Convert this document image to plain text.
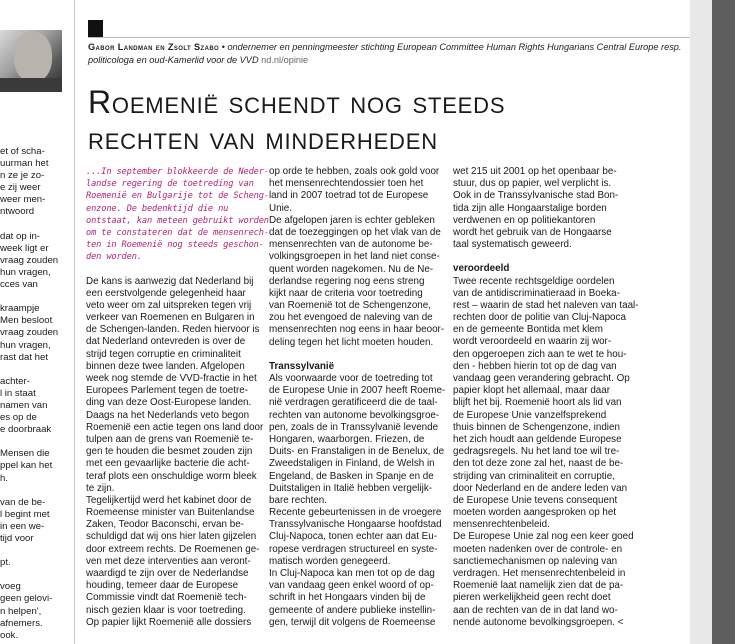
et of scha-
uurman het
n ze je zo-
e zij weer
weer men-
ntwoord

dat op in-
week ligt er
vraag zouden
hun vragen,
cces van

kraampje
Men besloot
vraag zouden
hun vragen,
rast dat het

achter-
l in staat
namen van
es op de
e doorbraak

Mensen die
ppel kan het
h.

van de be-
l begint met
in een we-
tijd voor

pt.

voeg
geen gelovi-
n helpen',
afnemers.
ook.
Gabor Landman en Zsolt Szabo • ondernemer en penningmeester stichting European Committee Human Rights Hungarians Central Europe resp. politicologa en oud-Kamerlid voor de VVD nd.nl/opinie
Roemenië schendt nog steeds
rechten van minderheden
...In september blokkeerde de Neder-
landse regering de toetreding van
Roemenië en Bulgarije tot de Scheng-
enzone. De bedenktijd die nu
ontstaat, kan meteen gebruikt worden
om te constateren dat de mensenrech-
ten in Roemenië nog steeds geschon-
den worden.
De kans is aanwezig dat Nederland bij
een eerstvolgende gelegenheid haar
veto weer om zal uitspreken tegen vrij
verkeer van Roemenen en Bulgaren in
de Schengen-landen. Reden hiervoor is
dat Nederland ontevreden is over de
strijd tegen corruptie en criminaliteit
binnen deze twee landen. Afgelopen
week nog stemde de VVD-fractie in het
Europees Parlement tegen de toetre-
ding van deze Oost-Europese landen.
Daags na het Nederlands veto begon
Roemenië een actie tegen ons land door
tulpen aan de grens van Roemenië te-
gen te houden die besmet zouden zijn
met een gevaarlijke bacterie die acht-
teraf plots een onschuldige worm bleek
te zijn.
Tegelijkertijd werd het kabinet door de
Roemeense minister van Buitenlandse
Zaken, Teodor Baconschi, ervan be-
schuldigd dat wij ons hier laten gijzelen
door extreem rechts. De Roemenen ge-
ven met deze interventies aan veront-
waardigd te zijn over de Nederlandse
houding, temeer daar de Europese
Commissie vindt dat Roemenië tech-
nisch gezien klaar is voor toetreding.
Op papier lijkt Roemenië alle dossiers
op orde te hebben, zoals ook gold voor
het mensenrechtendossier toen het
land in 2007 toetrad tot de Europese
Unie.
De afgelopen jaren is echter gebleken
dat de toezeggingen op het vlak van de
mensenrechten van de autonome be-
volkingsgroepen in het land niet conse-
quent worden nagekomen. Nu de Ne-
derlandse regering nog eens streng
kijkt naar de criteria voor toetreding
van Roemenië tot de Schengenzone,
zou het evengoed de naleving van de
mensenrechten nog eens in haar beoor-
deling tegen het licht moeten houden.
Transsylvanië
Als voorwaarde voor de toetreding tot
de Europese Unie in 2007 heeft Roeme-
nië verdragen geratificeerd die de taal-
rechten van autonome bevolkingsgroe-
pen, zoals de in Transsylvanië levende
Hongaren, waarborgen. Friezen, de
Duits- en Franstaligen in de Benelux, de
Zweedstaligen in Finland, de Welsh in
Engeland, de Basken in Spanje en de
Duitstaligen in Italië hebben vergelijk-
bare rechten.
Recente gebeurtenissen in de vroegere
Transsylvanische Hongaarse hoofdstad
Cluj-Napoca, tonen echter aan dat Eu-
ropese verdragen structureel en syste-
matisch worden genegeerd.
In Cluj-Napoca kan men tot op de dag
van vandaag geen enkel woord of op-
schrift in het Hongaars vinden bij de
gemeente of andere publieke instellin-
gen, terwijl dit volgens de Roemeense
wet 215 uit 2001 op het openbaar be-
stuur, dus op papier, wel verplicht is.
Ook in de Transsylvanische stad Bon-
tida zijn alle Hongaarstalige borden
verdwenen en op politiekantoren
wordt het gebruik van de Hongaarse
taal systematisch geweerd.
veroordeeld
Twee recente rechtsgeldige oordelen
van de antidiscriminatieraad in Boeka-
rest – waarin de stad het naleven van taal-
rechten door de politie van Cluj-Napoca
en de gemeente Bontida met klem
wordt veroordeeld en waarin zij wor-
den opgeroepen zich aan te wet te hou-
den - hebben hierin tot op de dag van
vandaag geen verandering gebracht. Op
papier klopt het allemaal, maar daar
blijft het bij. Roemenië hoort als lid van
de Europese Unie vanzelfsprekend
thuis binnen de Schengenzone, indien
het zich houdt aan geldende Europese
gedragsregels. Nu het land toe wil tre-
den tot deze zone zal het, naast de be-
strijding van criminaliteit en corruptie,
door Nederland en de andere leden van
de Europese Unie tevens consequent
moeten worden aangesproken op het
mensenrechtenbeleid.
De Europese Unie zal nog een keer goed
moeten nadenken over de controle- en
sanctiemechanismen op naleving van
verdragen. Het mensenrechtenbeleid in
Roemenië laat namelijk zien dat de pa-
pieren werkelijkheid geen recht doet
aan de rechten van de in dat land wo-
nende autonome bevolkingsgroepen. <
